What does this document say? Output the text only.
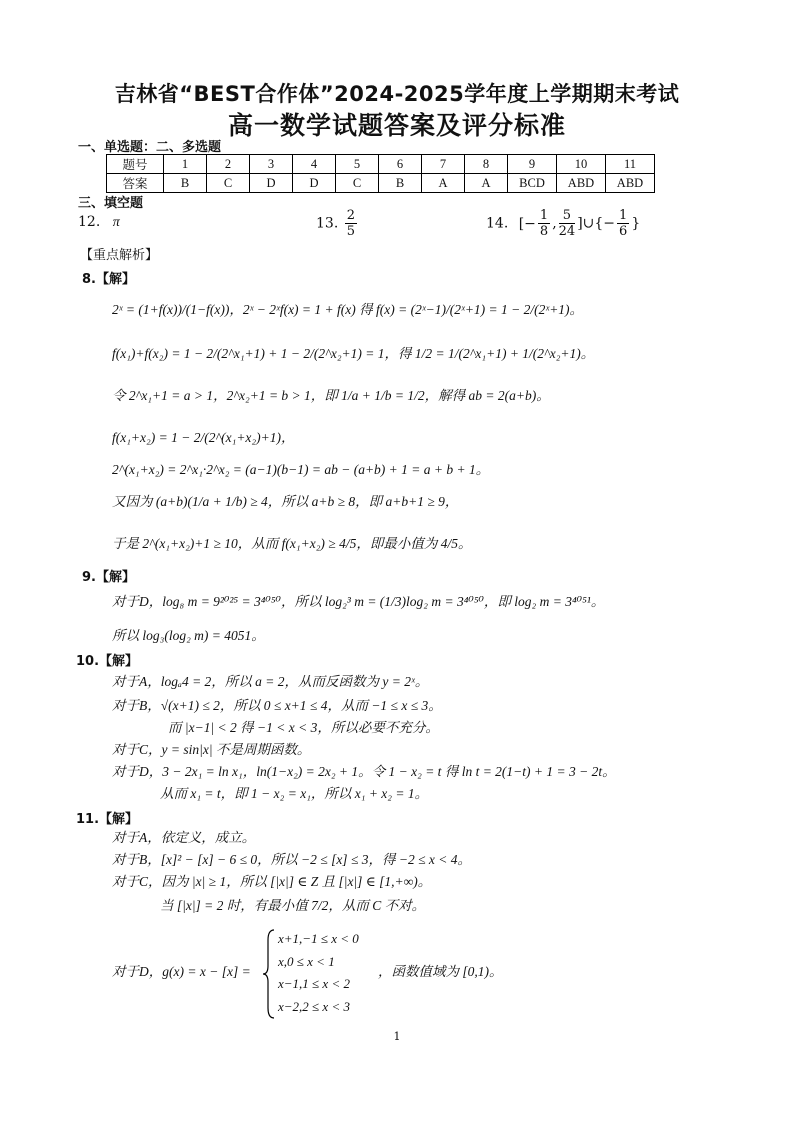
吉林省“BEST合作体”2024-2025学年度上学期期末考试
高一数学试题答案及评分标准
一、单选题：二、多选题
题号	1	2	3	4	5	6	7	8	9	10	11
答案	B	C	D	D	C	B	A	A	BCD	ABD	ABD
三、填空题
12. π	13. $\frac{2}{5}$	14. [− $\frac{1}{8}$ , $\frac{5}{24}$ ]∪{− $\frac{1}{6}$ }
【重点解析】
8.【解】
2ˣ = (1+f(x))/(1−f(x))，2ˣ − 2ˣf(x) = 1 + f(x) 得 f(x) = (2ˣ−1)/(2ˣ+1) = 1 − 2/(2ˣ+1)。
f(x₁)+f(x₂) = 1 − 2/(2^x₁+1) + 1 − 2/(2^x₂+1) = 1，得 1/2 = 1/(2^x₁+1) + 1/(2^x₂+1)。
令 2^x₁+1 = a > 1，2^x₂+1 = b > 1，即 1/a + 1/b = 1/2，解得 ab = 2(a+b)。
f(x₁+x₂) = 1 − 2/(2^(x₁+x₂)+1)，
2^(x₁+x₂) = 2^x₁·2^x₂ = (a−1)(b−1) = ab − (a+b) + 1 = a + b + 1。
又因为 (a+b)(1/a + 1/b) ≥ 4，所以 a+b ≥ 8，即 a+b+1 ≥ 9，
于是 2^(x₁+x₂)+1 ≥ 10，从而 f(x₁+x₂) ≥ 4/5，即最小值为 4/5。
9.【解】
对于D，log₈ m = 9²⁰²⁵ = 3⁴⁰⁵⁰，所以 log₂³ m = (1/3)log₂ m = 3⁴⁰⁵⁰，即 log₂ m = 3⁴⁰⁵¹。
所以 log₃(log₂ m) = 4051。
10.【解】
对于A，logₐ4 = 2，所以 a = 2，从而反函数为 y = 2ˣ。
对于B，√(x+1) ≤ 2，所以 0 ≤ x+1 ≤ 4，从而 −1 ≤ x ≤ 3。
而 |x−1| < 2 得 −1 < x < 3，所以必要不充分。
对于C，y = sin|x| 不是周期函数。
对于D，3 − 2x₁ = ln x₁，ln(1−x₂) = 2x₂ + 1。令 1 − x₂ = t 得 ln t = 2(1−t) + 1 = 3 − 2t。
从而 x₁ = t，即 1 − x₂ = x₁，所以 x₁ + x₂ = 1。
11.【解】
对于A，依定义，成立。
对于B，[x]² − [x] − 6 ≤ 0，所以 −2 ≤ [x] ≤ 3，得 −2 ≤ x < 4。
对于C，因为 |x| ≥ 1，所以 [|x|] ∈ Z 且 [|x|] ∈ [1,+∞)。
当 [|x|] = 2 时，有最小值 7/2，从而 C 不对。
对于D，g(x) = x − [x] =
x+1,−1 ≤ x < 0
x,0 ≤ x < 1
x−1,1 ≤ x < 2
x−2,2 ≤ x < 3
，函数值域为 [0,1)。
1
